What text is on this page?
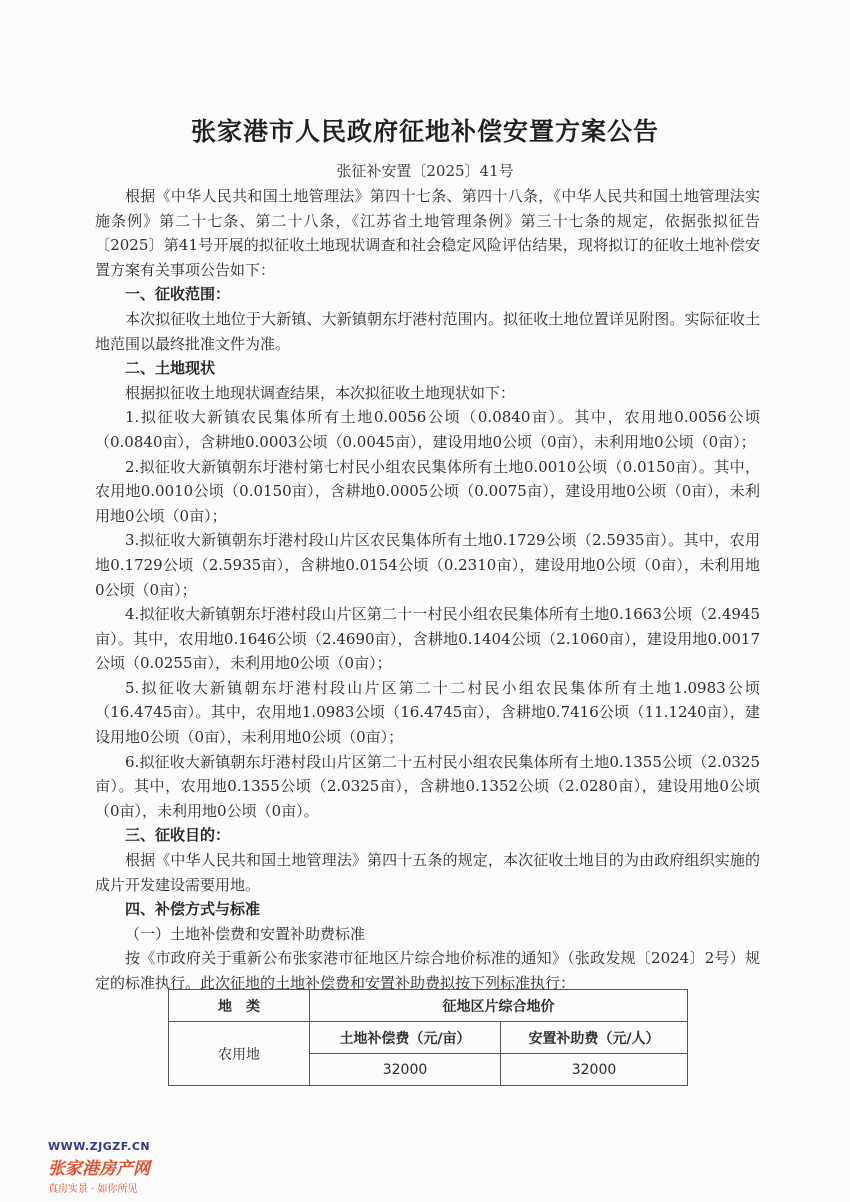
张家港市人民政府征地补偿安置方案公告
张征补安置〔2025〕41号

根据《中华人民共和国土地管理法》第四十七条、第四十八条，《中华人民共和国土地管理法实施条例》第二十七条、第二十八条，《江苏省土地管理条例》第三十七条的规定，依据张拟征告〔2025〕第41号开展的拟征收土地现状调查和社会稳定风险评估结果，现将拟订的征收土地补偿安置方案有关事项公告如下：

一、征收范围：

本次拟征收土地位于大新镇、大新镇朝东圩港村范围内。拟征收土地位置详见附图。实际征收土地范围以最终批准文件为准。

二、土地现状

根据拟征收土地现状调查结果，本次拟征收土地现状如下：

1.拟征收大新镇农民集体所有土地0.0056公顷（0.0840亩）。其中，农用地0.0056公顷（0.0840亩），含耕地0.0003公顷（0.0045亩），建设用地0公顷（0亩），未利用地0公顷（0亩）；

2.拟征收大新镇朝东圩港村第七村民小组农民集体所有土地0.0010公顷（0.0150亩）。其中，农用地0.0010公顷（0.0150亩），含耕地0.0005公顷（0.0075亩），建设用地0公顷（0亩），未利用地0公顷（0亩）；

3.拟征收大新镇朝东圩港村段山片区农民集体所有土地0.1729公顷（2.5935亩）。其中，农用地0.1729公顷（2.5935亩），含耕地0.0154公顷（0.2310亩），建设用地0公顷（0亩），未利用地0公顷（0亩）；

4.拟征收大新镇朝东圩港村段山片区第二十一村民小组农民集体所有土地0.1663公顷（2.4945亩）。其中，农用地0.1646公顷（2.4690亩），含耕地0.1404公顷（2.1060亩），建设用地0.0017公顷（0.0255亩），未利用地0公顷（0亩）；

5.拟征收大新镇朝东圩港村段山片区第二十二村民小组农民集体所有土地1.0983公顷（16.4745亩）。其中，农用地1.0983公顷（16.4745亩），含耕地0.7416公顷（11.1240亩），建设用地0公顷（0亩），未利用地0公顷（0亩）；

6.拟征收大新镇朝东圩港村段山片区第二十五村民小组农民集体所有土地0.1355公顷（2.0325亩）。其中，农用地0.1355公顷（2.0325亩），含耕地0.1352公顷（2.0280亩），建设用地0公顷（0亩），未利用地0公顷（0亩）。

三、征收目的：

根据《中华人民共和国土地管理法》第四十五条的规定，本次征收土地目的为由政府组织实施的成片开发建设需要用地。

四、补偿方式与标准

（一）土地补偿费和安置补助费标准

按《市政府关于重新公布张家港市征地区片综合地价标准的通知》（张政发规〔2024〕2号）规定的标准执行。此次征地的土地补偿费和安置补助费拟按下列标准执行：

地　类	征地区片综合地价	
农用地	土地补偿费（元/亩）	安置补助费（元/人）
	32000	32000
WWW.ZJGZF.CN
张家港房产网
真房实景 · 如你所见
